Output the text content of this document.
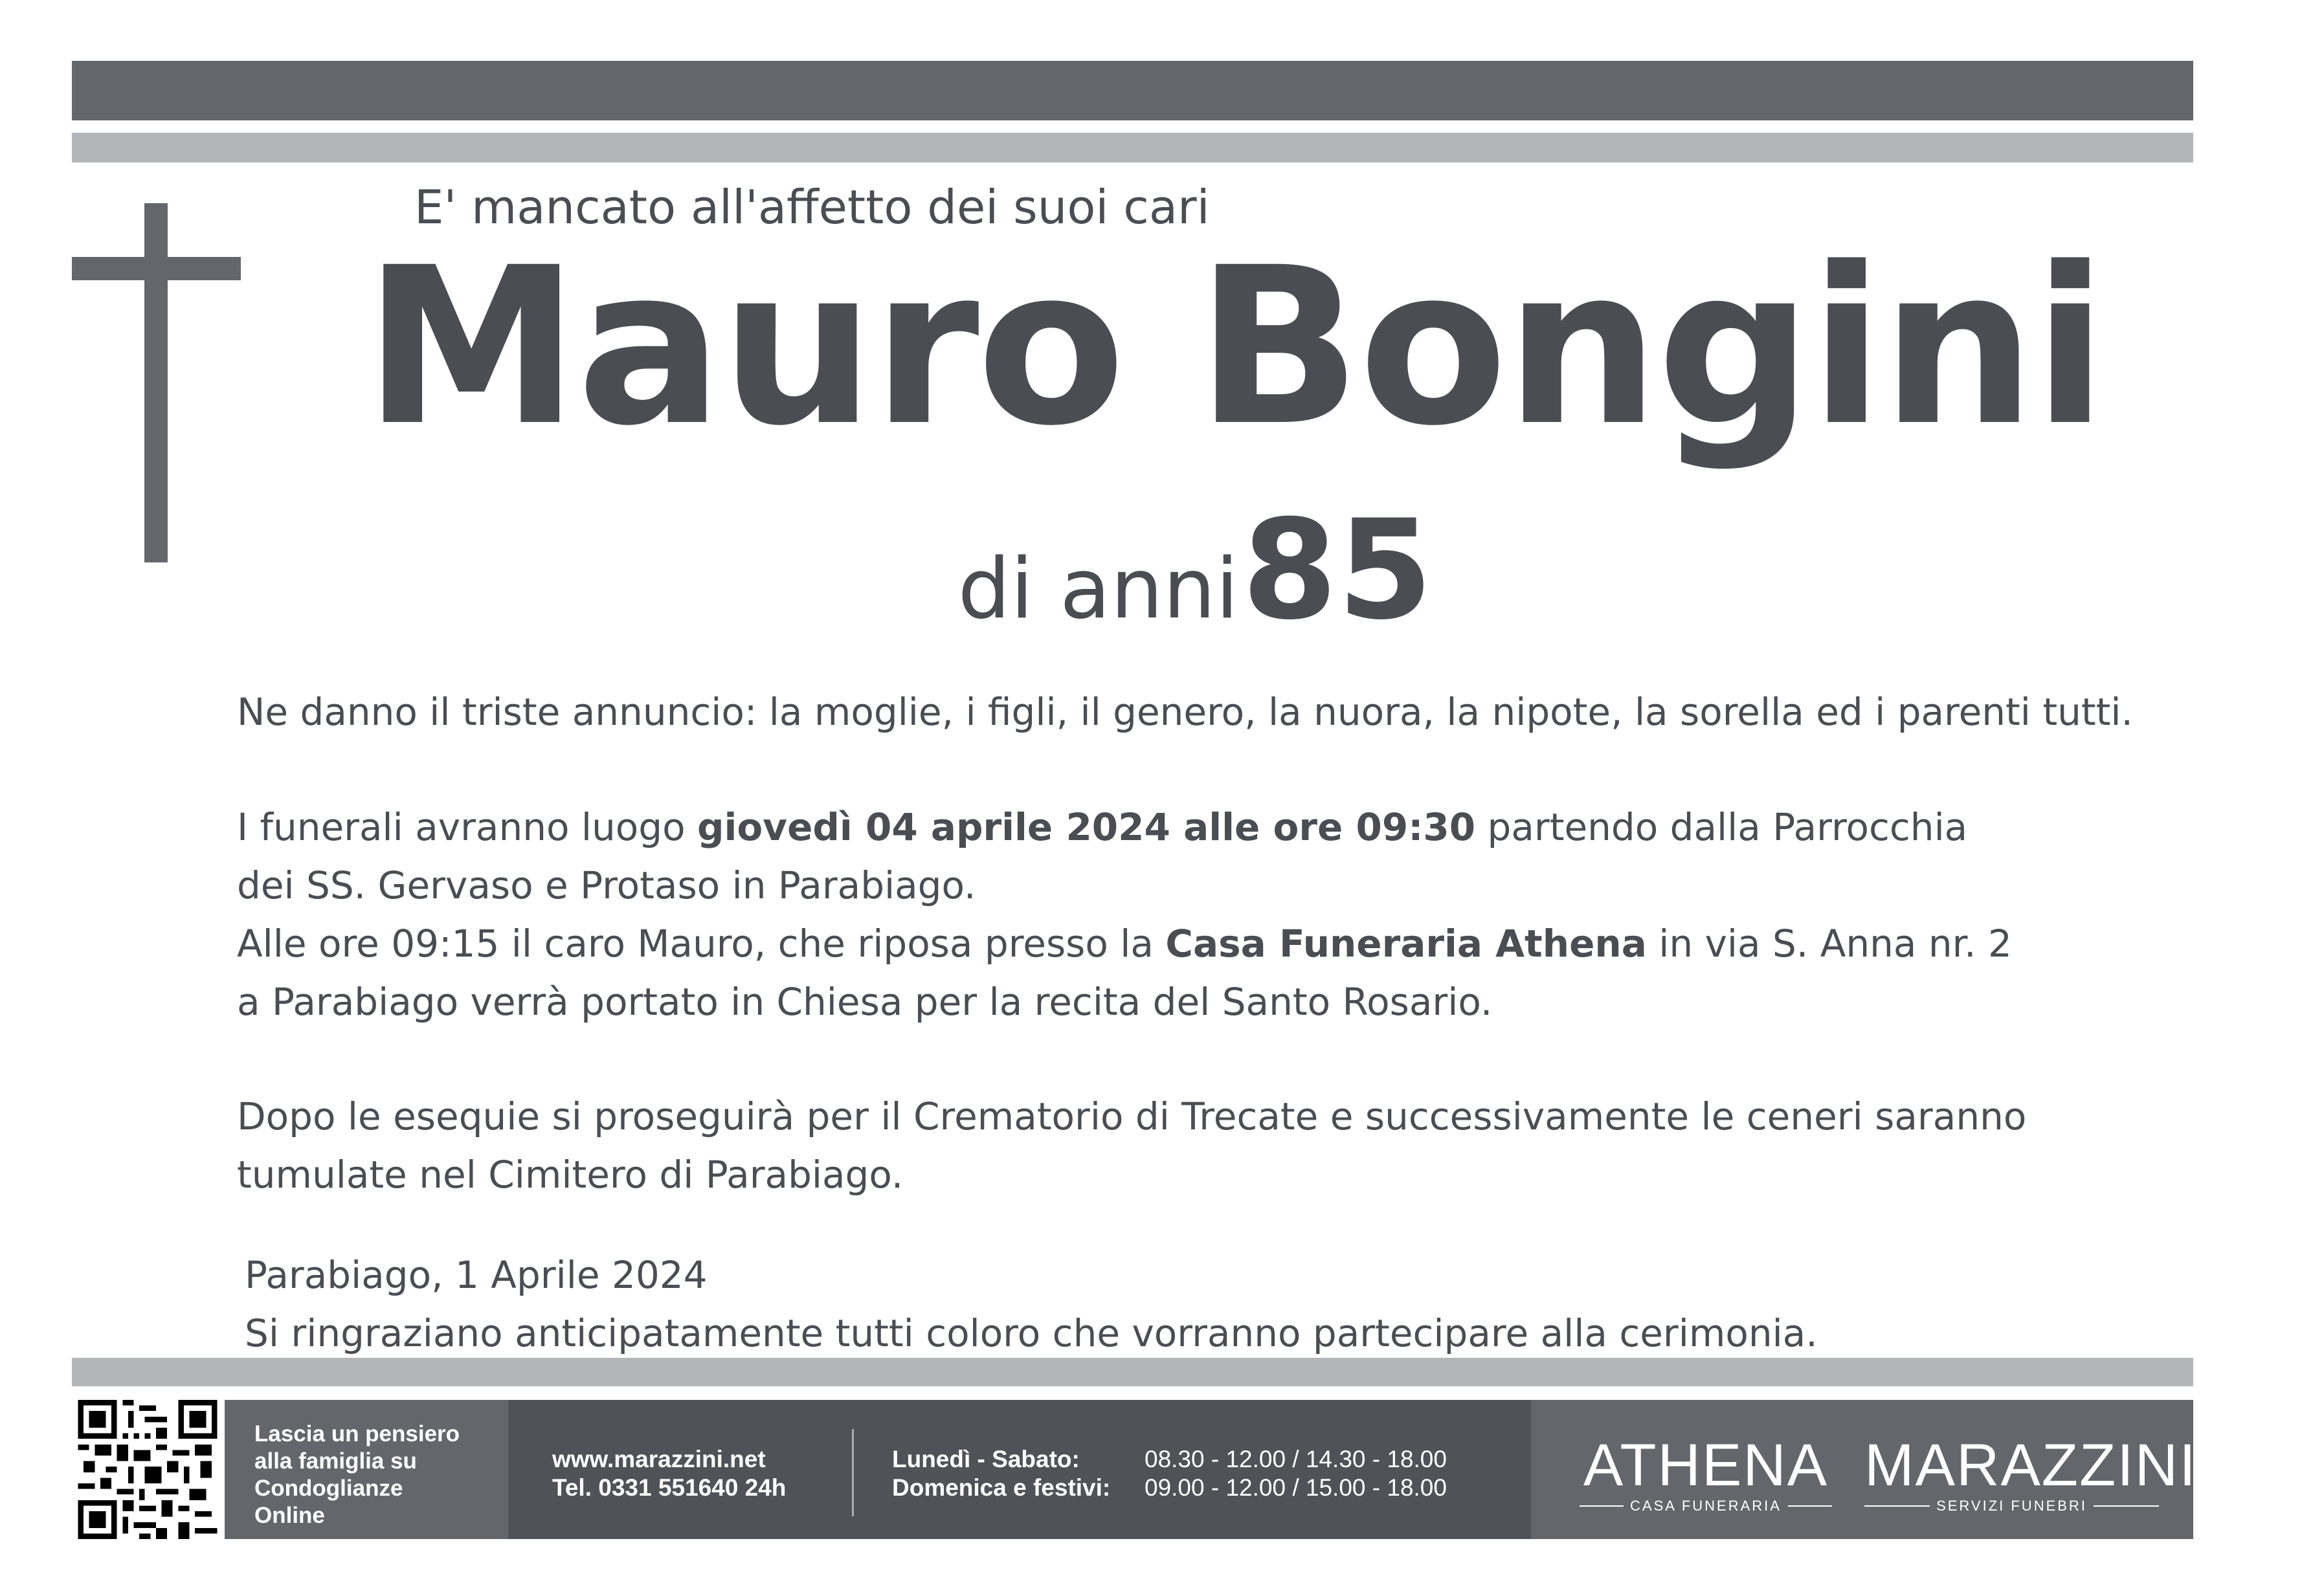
E' mancato all'affetto dei suoi cari
Mauro Bongini
di anni 85
Ne danno il triste annuncio: la moglie, i figli, il genero, la nuora, la nipote, la sorella ed i parenti tutti.
I funerali avranno luogo giovedì 04 aprile 2024 alle ore 09:30 partendo dalla Parrocchia
dei SS. Gervaso e Protaso in Parabiago.
Alle ore 09:15 il caro Mauro, che riposa presso la Casa Funeraria Athena in via S. Anna nr. 2
a Parabiago verrà portato in Chiesa per la recita del Santo Rosario.
Dopo le esequie si proseguirà per il Crematorio di Trecate e successivamente le ceneri saranno
tumulate nel Cimitero di Parabiago.
Parabiago, 1 Aprile 2024
Si ringraziano anticipatamente tutti coloro che vorranno partecipare alla cerimonia.
Lascia un pensiero
alla famiglia su
Condoglianze
Online
www.marazzini.net
Tel. 0331 551640 24h
Lunedì - Sabato:	08.30 - 12.00 / 14.30 - 18.00
Domenica e festivi: 09.00 - 12.00 / 15.00 - 18.00 ATHENA
CASA FUNERARIA
MARAZZINI
SERVIZI FUNEBRI
